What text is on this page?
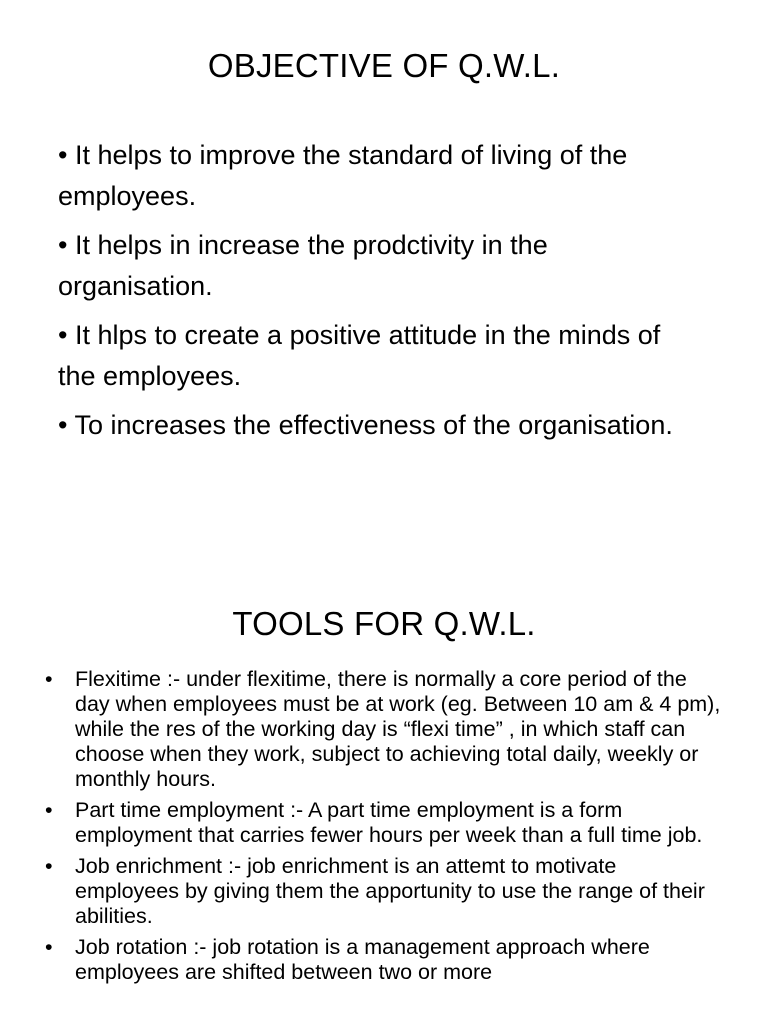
OBJECTIVE OF Q.W.L.
• It helps to improve the standard of living of the employees.
• It helps in increase the prodctivity in the organisation.
• It hlps to create a positive attitude in the minds of the employees.
• To increases the effectiveness of the organisation.
TOOLS FOR Q.W.L.
• Flexitime :- under flexitime, there is normally a core period of the day when employees must be at work (eg. Between 10 am & 4 pm), while the res of the working day is “flexi time” , in which staff can choose when they work, subject to achieving total daily, weekly or monthly hours.
• Part time employment :- A part time employment is a form employment that carries fewer hours per week than a full time job.
• Job enrichment :- job enrichment is an attemt to motivate employees by giving them the apportunity to use the range of their abilities.
• Job rotation :- job rotation is a management approach where employees are shifted between two or more
